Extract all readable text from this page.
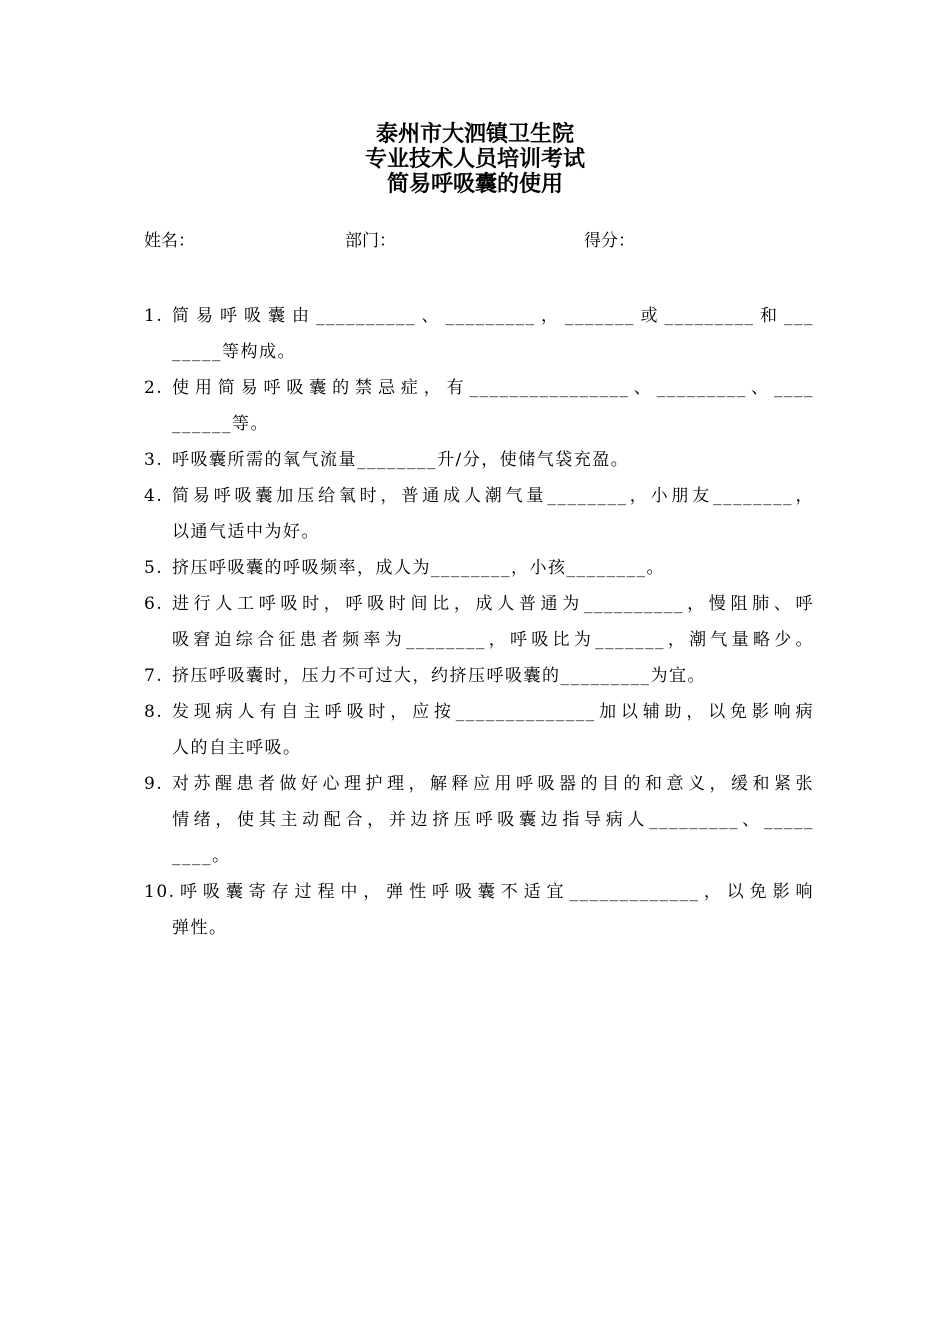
泰州市大泗镇卫生院
专业技术人员培训考试
简易呼吸囊的使用
姓名：	部门：	得分：
1. 简易呼吸囊由__________、_________，_______或_________和___
_____等构成。
2. 使用简易呼吸囊的禁忌症，有________________、_________、____
______等。
3. 呼吸囊所需的氧气流量________升/分，使储气袋充盈。
4. 简易呼吸囊加压给氧时，普通成人潮气量________，小朋友________，
以通气适中为好。
5. 挤压呼吸囊的呼吸频率，成人为________，小孩________。
6. 进行人工呼吸时，呼吸时间比，成人普通为__________，慢阻肺、呼
吸窘迫综合征患者频率为________，呼吸比为_______，潮气量略少。
7. 挤压呼吸囊时，压力不可过大，约挤压呼吸囊的_________为宜。
8. 发现病人有自主呼吸时，应按______________加以辅助，以免影响病
人的自主呼吸。
9. 对苏醒患者做好心理护理，解释应用呼吸器的目的和意义，缓和紧张
情绪，使其主动配合，并边挤压呼吸囊边指导病人_________、_____
____。
10. 呼吸囊寄存过程中，弹性呼吸囊不适宜_____________，以免影响
弹性。
